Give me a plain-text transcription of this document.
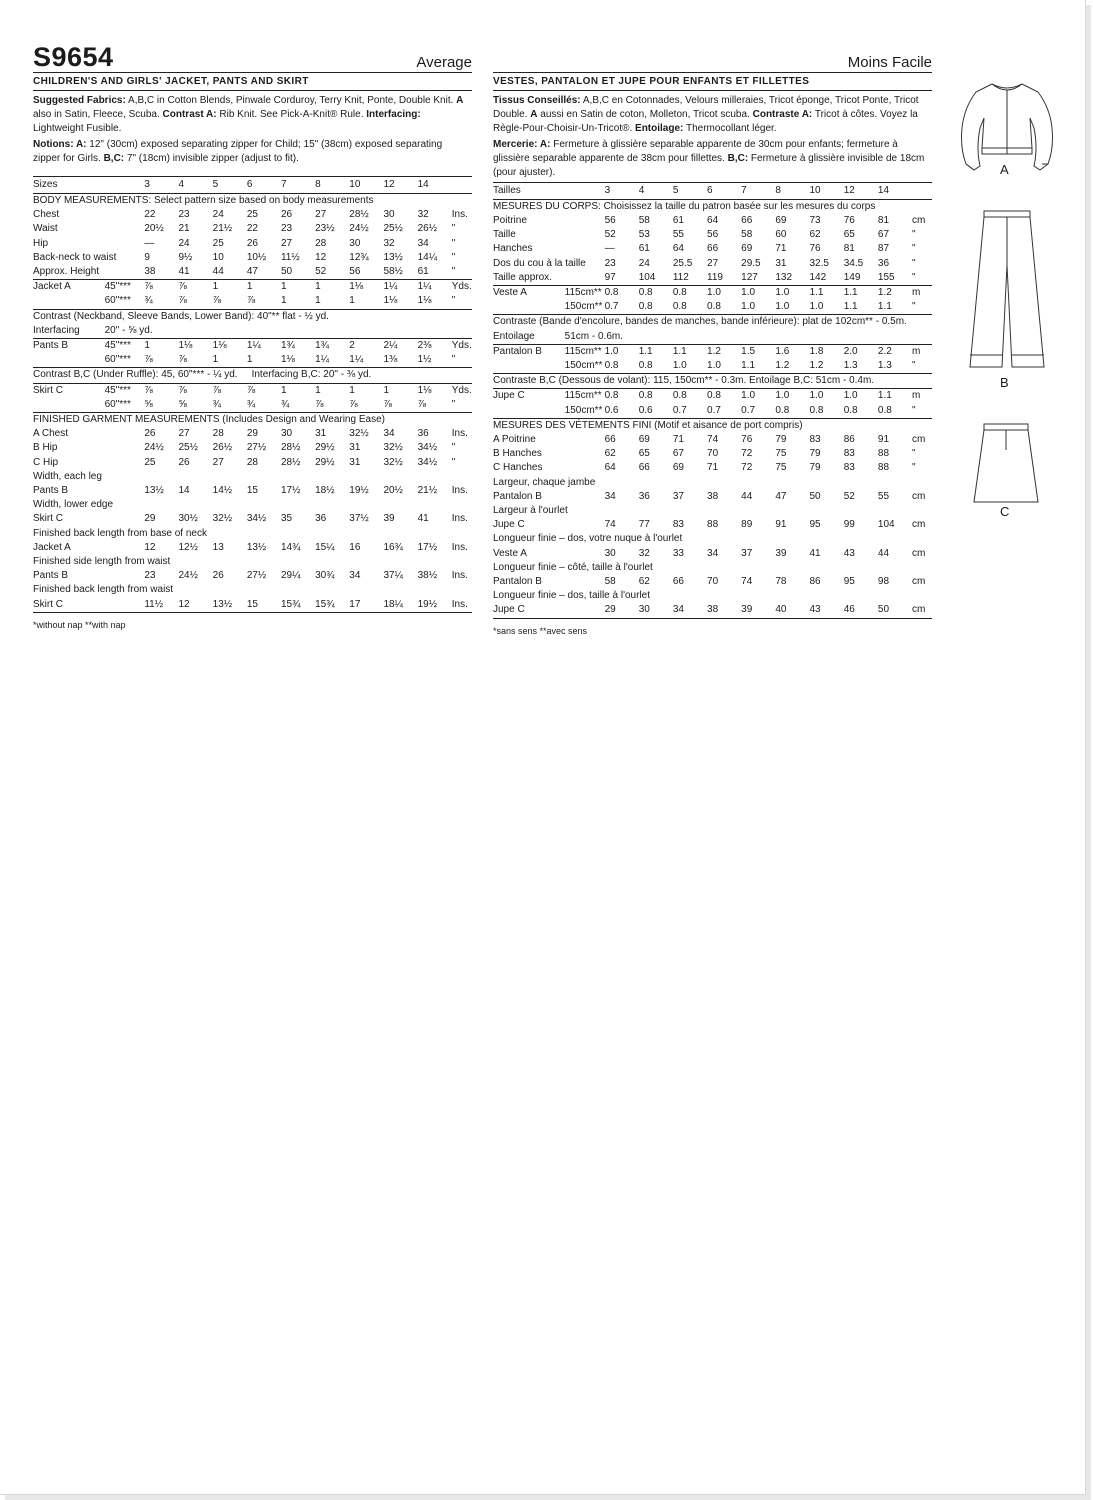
S9654	Average
CHILDREN'S AND GIRLS' JACKET, PANTS AND SKIRT
Suggested Fabrics: A,B,C in Cotton Blends, Pinwale Corduroy, Terry Knit, Ponte, Double Knit. A also in Satin, Fleece, Scuba. Contrast A: Rib Knit. See Pick-A-Knit® Rule. Interfacing: Lightweight Fusible.
Notions: A: 12" (30cm) exposed separating zipper for Child; 15" (38cm) exposed separating zipper for Girls. B,C: 7" (18cm) invisible zipper (adjust to fit).
Sizes		3	4	5	6	7	8	10	12	14	
BODY MEASUREMENTS: Select pattern size based on body measurements											
Chest		22	23	24	25	26	27	28½	30	32	Ins.
Waist		20½	21	21½	22	23	23½	24½	25½	26½	"
Hip		—	24	25	26	27	28	30	32	34	"
Back-neck to waist		9	9½	10	10½	11½	12	12¾	13½	14¼	"
Approx. Height		38	41	44	47	50	52	56	58½	61	"
Jacket A	45"***	⅞	⅞	1	1	1	1	1⅛	1¼	1¼	Yds.
	60"***	¾	⅞	⅞	⅞	1	1	1	1⅛	1⅛	"
Contrast (Neckband, Sleeve Bands, Lower Band): 40"** flat - ½ yd.											
Interfacing	20" - ⅝ yd.										
Pants B	45"***	1	1⅛	1⅛	1¼	1¾	1¾	2	2¼	2⅜	Yds.
	60"***	⅞	⅞	1	1	1⅛	1¼	1¼	1⅜	1½	"
Contrast B,C (Under Ruffle): 45, 60"*** - ¼ yd. Interfacing B,C: 20" - ⅜ yd.											
Skirt C	45"***	⅞	⅞	⅞	⅞	1	1	1	1	1⅛	Yds.
	60"***	⅝	⅝	¾	¾	¾	⅞	⅞	⅞	⅞	"
FINISHED GARMENT MEASUREMENTS (Includes Design and Wearing Ease)											
A Chest		26	27	28	29	30	31	32½	34	36	Ins.
B Hip		24½	25½	26½	27½	28½	29½	31	32½	34½	"
C Hip		25	26	27	28	28½	29½	31	32½	34½	"
Width, each leg											
Pants B		13½	14	14½	15	17½	18½	19½	20½	21½	Ins.
Width, lower edge											
Skirt C		29	30½	32½	34½	35	36	37½	39	41	Ins.
Finished back length from base of neck											
Jacket A		12	12½	13	13½	14¾	15¼	16	16¾	17½	Ins.
Finished side length from waist											
Pants B		23	24½	26	27½	29¼	30¾	34	37¼	38½	Ins.
Finished back length from waist											
Skirt C		11½	12	13½	15	15¾	15¾	17	18¼	19½	Ins.

*without nap **with nap
Moins Facile
VESTES, PANTALON ET JUPE POUR ENFANTS ET FILLETTES
Tissus Conseillés: A,B,C en Cotonnades, Velours milleraies, Tricot éponge, Tricot Ponte, Tricot Double. A aussi en Satin de coton, Molleton, Tricot scuba. Contraste A: Tricot à côtes. Voyez la Règle-Pour-Choisir-Un-Tricot®. Entoilage: Thermocollant léger.
Mercerie: A: Fermeture à glissière separable apparente de 30cm pour enfants; fermeture à glissière separable apparente de 38cm pour fillettes. B,C: Fermeture à glissière invisible de 18cm (pour ajuster).
Tailles		3	4	5	6	7	8	10	12	14	
MESURES DU CORPS: Choisissez la taille du patron basée sur les mesures du corps											
Poitrine		56	58	61	64	66	69	73	76	81	cm
Taille		52	53	55	56	58	60	62	65	67	"
Hanches		—	61	64	66	69	71	76	81	87	"
Dos du cou à la taille		23	24	25.5	27	29.5	31	32.5	34.5	36	"
Taille approx.		97	104	112	119	127	132	142	149	155	"
Veste A	115cm**	0.8	0.8	0.8	1.0	1.0	1.0	1.1	1.1	1.2	m
	150cm**	0.7	0.8	0.8	0.8	1.0	1.0	1.0	1.1	1.1	"
Contraste (Bande d'encolure, bandes de manches, bande inférieure): plat de 102cm** - 0.5m.											
Entoilage	51cm - 0.6m.										
Pantalon B	115cm**	1.0	1.1	1.1	1.2	1.5	1.6	1.8	2.0	2.2	m
	150cm**	0.8	0.8	1.0	1.0	1.1	1.2	1.2	1.3	1.3	"
Contraste B,C (Dessous de volant): 115, 150cm** - 0.3m. Entoilage B,C: 51cm - 0.4m.											
Jupe C	115cm**	0.8	0.8	0.8	0.8	1.0	1.0	1.0	1.0	1.1	m
	150cm**	0.6	0.6	0.7	0.7	0.7	0.8	0.8	0.8	0.8	"
MESURES DES VÉTEMENTS FINI (Motif et aisance de port compris)											
A Poitrine		66	69	71	74	76	79	83	86	91	cm
B Hanches		62	65	67	70	72	75	79	83	88	"
C Hanches		64	66	69	71	72	75	79	83	88	"
Largeur, chaque jambe											
Pantalon B		34	36	37	38	44	47	50	52	55	cm
Largeur à l'ourlet											
Jupe C		74	77	83	88	89	91	95	99	104	cm
Longueur finie – dos, votre nuque à l'ourlet											
Veste A		30	32	33	34	37	39	41	43	44	cm
Longueur finie – côté, taille à l'ourlet											
Pantalon B		58	62	66	70	74	78	86	95	98	cm
Longueur finie – dos, taille à l'ourlet											
Jupe C		29	30	34	38	39	40	43	46	50	cm

*sans sens **avec sens
A
B
C
